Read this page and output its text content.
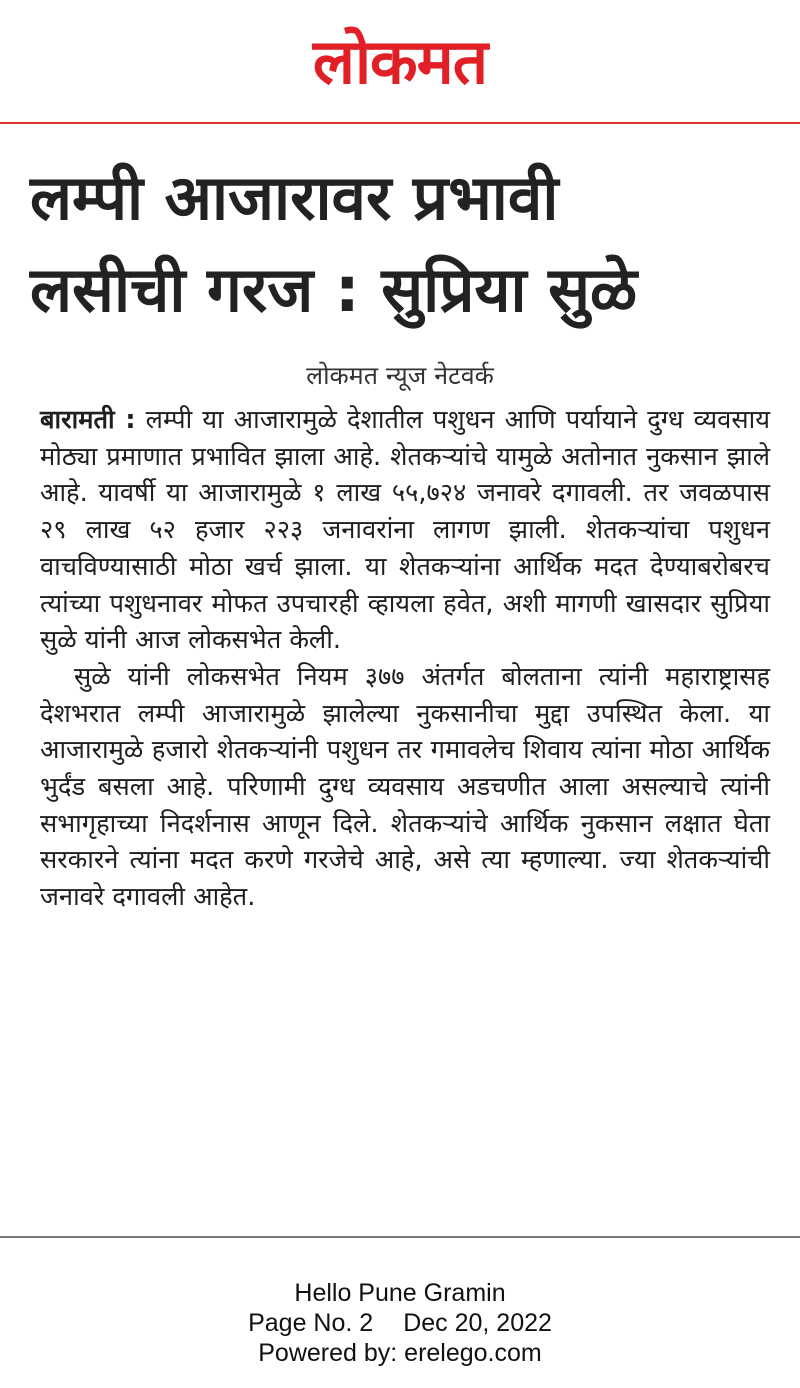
लोकमत
लम्पी आजारावर प्रभावी
लसीची गरज : सुप्रिया सुळे
लोकमत न्यूज नेटवर्क

बारामती : लम्पी या आजारामुळे देशातील पशुधन आणि पर्यायाने दुग्ध व्यवसाय मोठ्या प्रमाणात प्रभावित झाला आहे. शेतकऱ्यांचे यामुळे अतोनात नुकसान झाले आहे. यावर्षी या आजारामुळे १ लाख ५५,७२४ जनावरे दगावली. तर जवळपास २९ लाख ५२ हजार २२३ जनावरांना लागण झाली. शेतकऱ्यांचा पशुधन वाचविण्यासाठी मोठा खर्च झाला. या शेतकऱ्यांना आर्थिक मदत देण्याबरोबरच त्यांच्या पशुधनावर मोफत उपचारही व्हायला हवेत, अशी मागणी खासदार सुप्रिया सुळे यांनी आज लोकसभेत केली.

सुळे यांनी लोकसभेत नियम ३७७ अंतर्गत बोलताना त्यांनी महाराष्ट्रासह देशभरात लम्पी आजारामुळे झालेल्या नुकसानीचा मुद्दा उपस्थित केला. या आजारामुळे हजारो शेतकऱ्यांनी पशुधन तर गमावलेच शिवाय त्यांना मोठा आर्थिक भुर्दंड बसला आहे. परिणामी दुग्ध व्यवसाय अडचणीत आला असल्याचे त्यांनी सभागृहाच्या निदर्शनास आणून दिले. शेतकऱ्यांचे आर्थिक नुकसान लक्षात घेता सरकारने त्यांना मदत करणे गरजेचे आहे, असे त्या म्हणाल्या. ज्या शेतकऱ्यांची जनावरे दगावली आहेत.

Hello Pune Gramin
Page No. 2 Dec 20, 2022
Powered by: erelego.com
